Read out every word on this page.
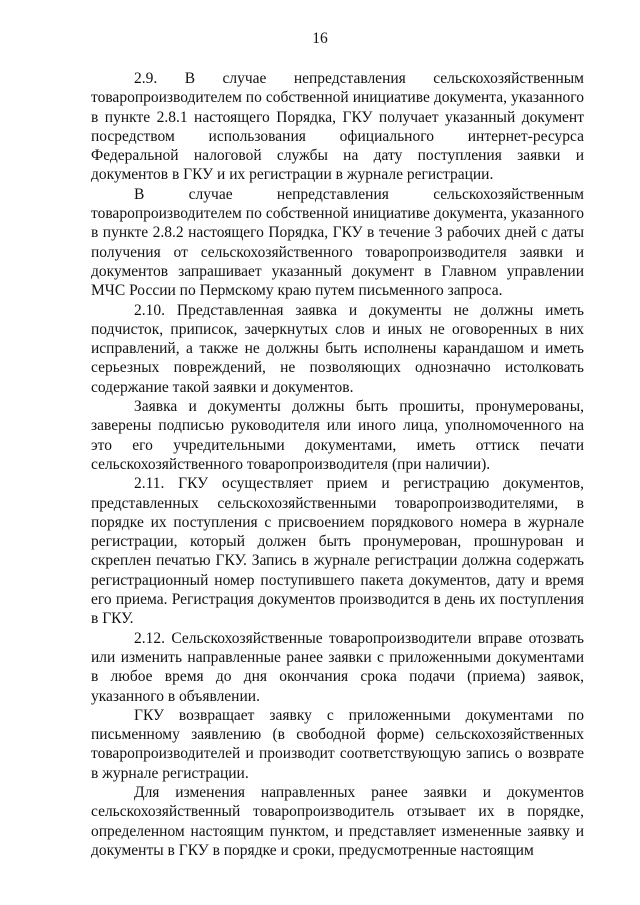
16

2.9. В случае непредставления сельскохозяйственным товаропроизводителем по собственной инициативе документа, указанного в пункте 2.8.1 настоящего Порядка, ГКУ получает указанный документ посредством использования официального интернет-ресурса Федеральной налоговой службы на дату поступления заявки и документов в ГКУ и их регистрации в журнале регистрации.

В случае непредставления сельскохозяйственным товаропроизводителем по собственной инициативе документа, указанного в пункте 2.8.2 настоящего Порядка, ГКУ в течение 3 рабочих дней с даты получения от сельскохозяйственного товаропроизводителя заявки и документов запрашивает указанный документ в Главном управлении МЧС России по Пермскому краю путем письменного запроса.

2.10. Представленная заявка и документы не должны иметь подчисток, приписок, зачеркнутых слов и иных не оговоренных в них исправлений, а также не должны быть исполнены карандашом и иметь серьезных повреждений, не позволяющих однозначно истолковать содержание такой заявки и документов.

Заявка и документы должны быть прошиты, пронумерованы, заверены подписью руководителя или иного лица, уполномоченного на это его учредительными документами, иметь оттиск печати сельскохозяйственного товаропроизводителя (при наличии).

2.11. ГКУ осуществляет прием и регистрацию документов, представленных сельскохозяйственными товаропроизводителями, в порядке их поступления с присвоением порядкового номера в журнале регистрации, который должен быть пронумерован, прошнурован и скреплен печатью ГКУ. Запись в журнале регистрации должна содержать регистрационный номер поступившего пакета документов, дату и время его приема. Регистрация документов производится в день их поступления в ГКУ.

2.12. Сельскохозяйственные товаропроизводители вправе отозвать или изменить направленные ранее заявки с приложенными документами в любое время до дня окончания срока подачи (приема) заявок, указанного в объявлении.

ГКУ возвращает заявку с приложенными документами по письменному заявлению (в свободной форме) сельскохозяйственных товаропроизводителей и производит соответствующую запись о возврате в журнале регистрации.

Для изменения направленных ранее заявки и документов сельскохозяйственный товаропроизводитель отзывает их в порядке, определенном настоящим пунктом, и представляет измененные заявку и документы в ГКУ в порядке и сроки, предусмотренные настоящим
